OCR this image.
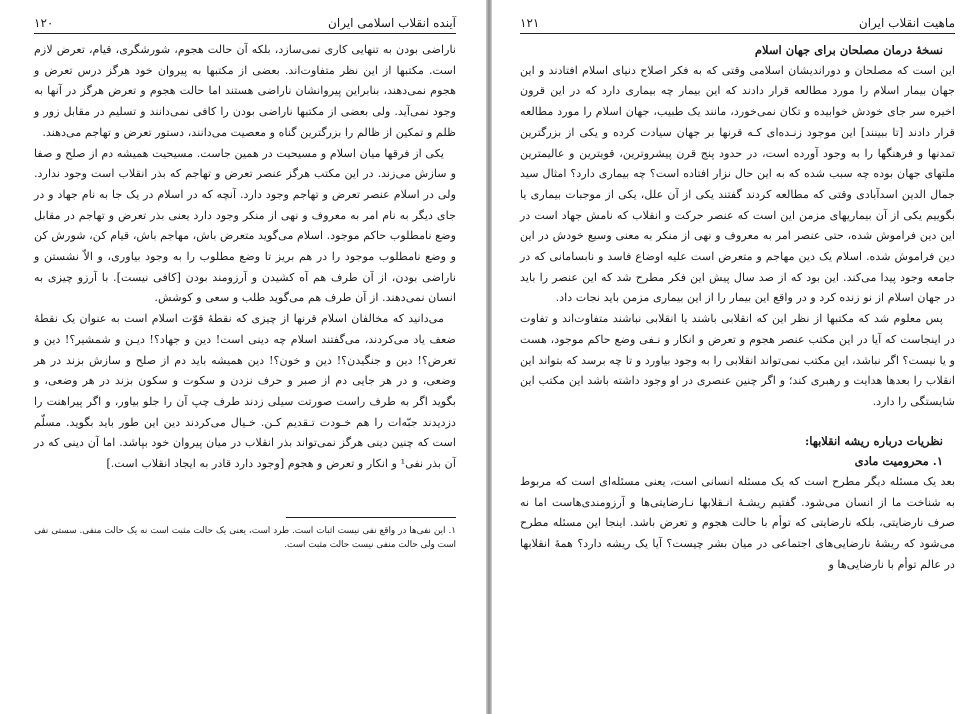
۱۲۰	آینده انقلاب اسلامی ایران

ناراضی بودن به تنهایی کاری نمی‌سازد، بلکه آن حالت هجوم، شورشگری، قیام، تعرض لازم است. مکتبها از این نظر متفاوت‌اند. بعضی از مکتبها به پیروان خود هرگز درس تعرض و هجوم نمی‌دهند، بنابراین پیروانشان ناراضی هستند اما حالت هجوم و تعرض هرگز در آنها به وجود نمی‌آید. ولی بعضی از مکتبها ناراضی بودن را کافی نمی‌دانند و تسلیم در مقابل زور و ظلم و تمکین از ظالم را بزرگترین گناه و معصیت می‌دانند، دستور تعرض و تهاجم می‌دهند.

یکی از فرقها میان اسلام و مسیحیت در همین جاست. مسیحیت همیشه دم از صلح و صفا و سازش می‌زند. در این مکتب هرگز عنصر تعرض و تهاجم که بذر انقلاب است وجود ندارد. ولی در اسلام عنصر تعرض و تهاجم وجود دارد. آنچه که در اسلام در یک جا به نام جهاد و در جای دیگر به نام امر به معروف و نهی از منکر وجود دارد یعنی بذر تعرض و تهاجم در مقابل وضع نامطلوب حاکم موجود. اسلام می‌گوید متعرض باش، مهاجم باش، قیام کن، شورش کن و وضع نامطلوب موجود را در هم بریز تا وضع مطلوب را به وجود بیاوری، و الاّ نشستن و ناراضی بودن، از آن طرف هم آه کشیدن و آرزومند بودن [کافی نیست]. با آرزو چیزی به انسان نمی‌دهند. از آن طرف هم می‌گوید طلب و سعی و کوشش.

می‌دانید که مخالفان اسلام قرنها از چیزی که نقطهٔ قوّت اسلام است به عنوان یک نقطهٔ ضعف یاد می‌کردند، می‌گفتند اسلام چه دینی است! دین و جهاد؟! دیـن و شمشیر؟! دین و تعرض؟! دین و جنگیدن؟! دین و خون؟! دین همیشه باید دم از صلح و سازش بزند در هر وضعی، و در هر جایی دم از صبر و حرف نزدن و سکوت و سکون بزند در هر وضعی، و بگوید اگر به طرف راست صورتت سیلی زدند طرف چپ آن را جلو بیاور، و اگر پیراهنت را دزدیدند جبّه‌ات را هم خـودت تـقدیم کـن. خـیال می‌کردند دین این طور باید بگوید. مسلّم است که چنین دینی هرگز نمی‌تواند بذر انقلاب در میان پیروان خود بپاشد. اما آن دینی که در آن بذر نفی¹ و انکار و تعرض و هجوم [وجود دارد قادر به ایجاد انقلاب است.]

١. این نفی‌ها در واقع نفی نیست اثبات است. طرد است، یعنی یک حالت مثبت است نه یک حالت منفی. سستی نفی است ولی حالت منفی نیست حالت مثبت است.

۱۲۱	ماهیت انقلاب ایران

نسخهٔ درمان مصلحان برای جهان اسلام

این است که مصلحان و دوراندیشان اسلامی وقتی که به فکر اصلاح دنیای اسلام افتادند و این جهان بیمار اسلام را مورد مطالعه قرار دادند که این بیمار چه بیماری دارد که در این قرون اخیره سر جای خودش خوابیده و تکان نمی‌خورد، مانند یک طبیب، جهان اسلام را مورد مطالعه قرار دادند [تا ببینند] این موجود زنـده‌ای کـه قرنها بر جهان سیادت کرده و یکی از بزرگترین تمدنها و فرهنگها را به وجود آورده است، در حدود پنج قرن پیشرو‌ترین، قویترین و عالیمترین ملتهای جهان بوده چه سبب شده که به این حال نزار افتاده است؟ چه بیماری دارد؟ امثال سید جمال الدین اسدآبادی وقتی که مطالعه کردند گفتند یکی از آن علل، یکی از موجبات بیماری یا بگوییم یکی از آن بیماریهای مزمن این است که عنصر حرکت و انقلاب که نامش جهاد است در این دین فراموش شده، حتی عنصر امر به معروف و نهی از منکر به معنی وسیع خودش در این دین فراموش شده. اسلام یک دین مهاجم و متعرض است علیه اوضاع فاسد و نابسامانی که در جامعه وجود پیدا می‌کند. این بود که از صد سال پیش این فکر مطرح شد که این عنصر را باید در جهان اسلام از نو زنده کرد و در واقع این بیمار را از این بیماری مزمن باید نجات داد.

پس معلوم شد که مکتبها از نظر این که انقلابی باشند یا انقلابی نباشند متفاوت‌اند و تفاوت در اینجاست که آیا در این مکتب عنصر هجوم و تعرض و انکار و نـفی وضع حاکم موجود، هست و یا نیست؟ اگر نباشد، این مکتب نمی‌تواند انقلابی را به وجود بیاورد و تا چه برسد که بتواند این انقلاب را بعدها هدایت و رهبری کند؛ و اگر چنین عنصری در او وجود داشته باشد این مکتب این شایستگی را دارد.

نظریات درباره ریشه انقلابها:

۱. محرومیت مادی

بعد یک مسئله دیگر مطرح است که یک مسئله انسانی است، یعنی مسئله‌ای است که مربوط به شناخت ما از انسان می‌شود. گفتیم ریشـهٔ انـقلابها نـارضایتی‌ها و آرزومندی‌هاست اما نه صرف نارضایتی، بلکه نارضایتی که توأم با حالت هجوم و تعرض باشد. اینجا این مسئله مطرح می‌شود که ریشهٔ نارضایی‌های اجتماعی در میان بشر چیست؟ آیا یک ریشه دارد؟ همهٔ انقلابها در عالم توأم با نارضایی‌ها و
